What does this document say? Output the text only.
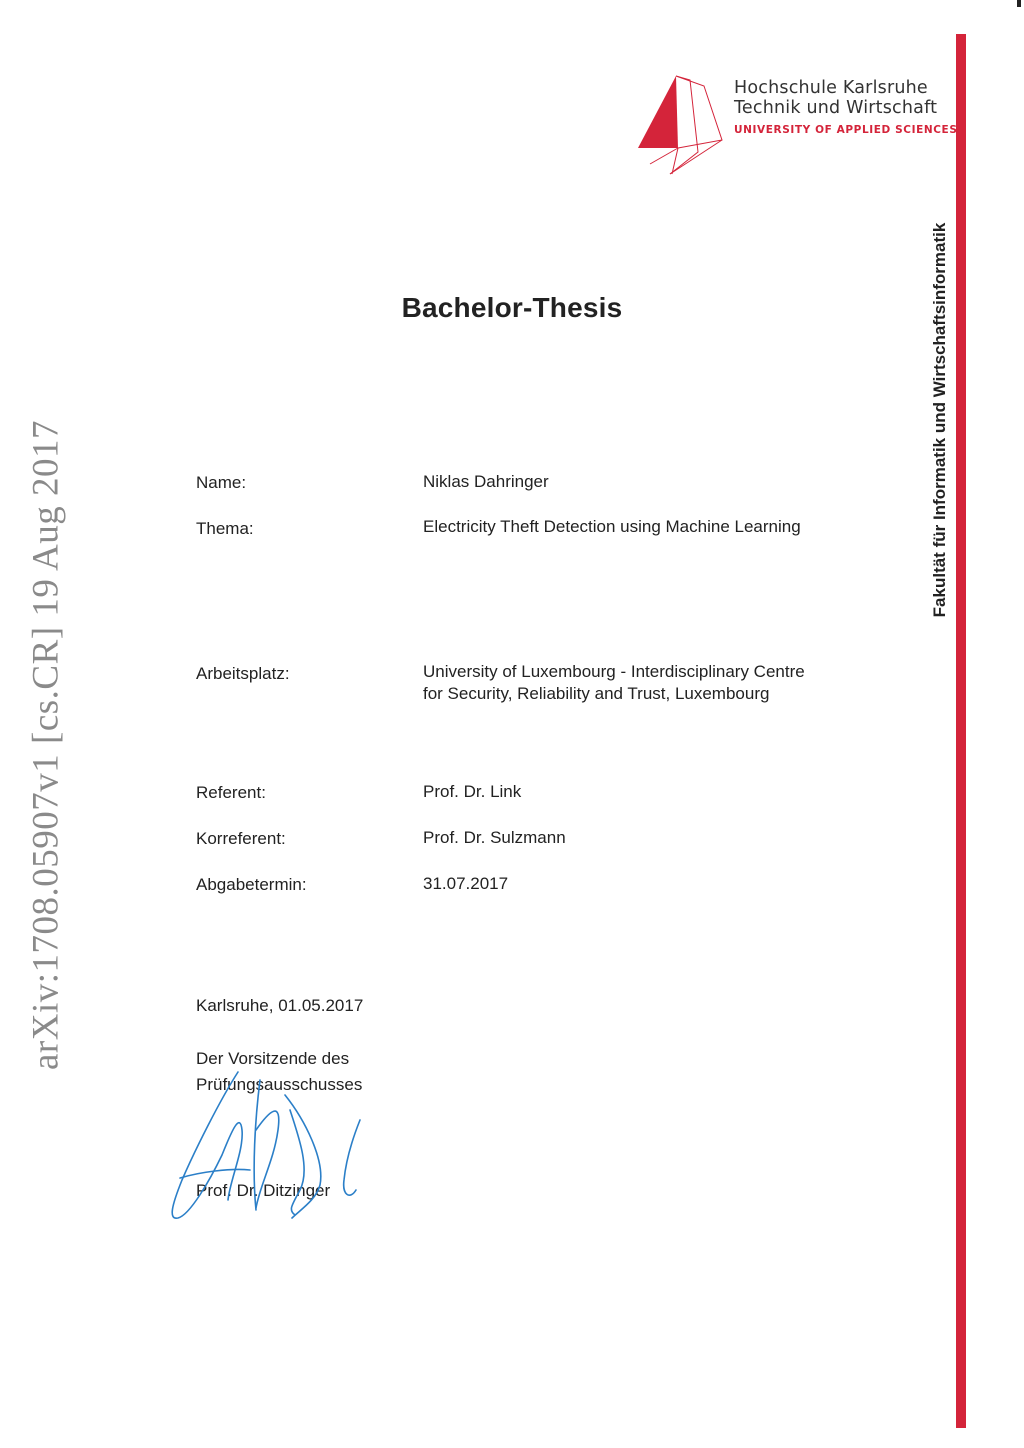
arXiv:1708.05907v1 [cs.CR] 19 Aug 2017	Fakultät für Informatik und Wirtschaftsinformatik
Hochschule Karlsruhe
Technik und Wirtschaft
UNIVERSITY OF APPLIED SCIENCES
Bachelor-Thesis
Name:	Niklas Dahringer
Thema:	Electricity Theft Detection using Machine Learning
Arbeitsplatz:	University of Luxembourg - Interdisciplinary Centre
for Security, Reliability and Trust, Luxembourg
Referent:	Prof. Dr. Link
Korreferent:	Prof. Dr. Sulzmann
Abgabetermin:	31.07.2017
Karlsruhe, 01.05.2017
Der Vorsitzende des
Prüfungsausschusses
Prof. Dr. Ditzinger
